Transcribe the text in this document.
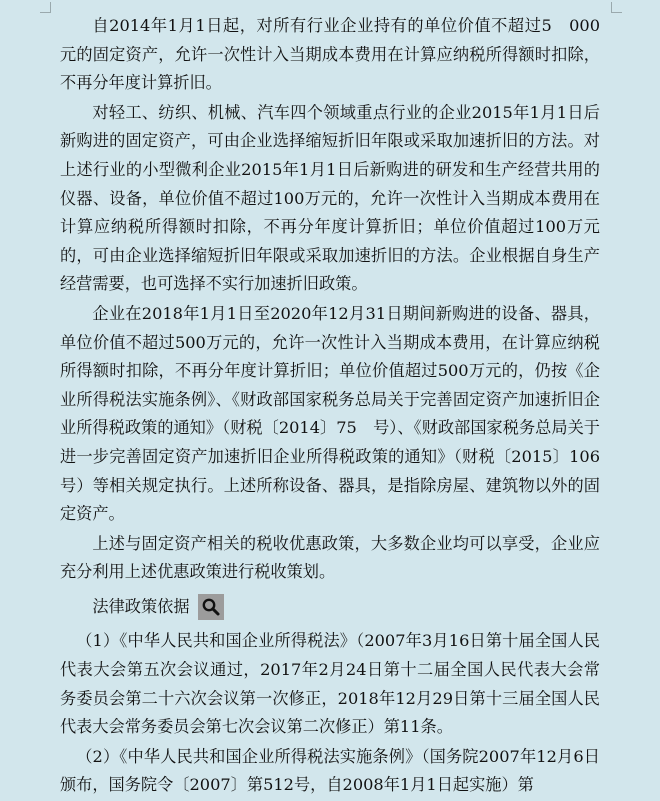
自2014年1月1日起，对所有行业企业持有的单位价值不超过5　000元的固定资产，允许一次性计入当期成本费用在计算应纳税所得额时扣除，不再分年度计算折旧。

对轻工、纺织、机械、汽车四个领域重点行业的企业2015年1月1日后新购进的固定资产，可由企业选择缩短折旧年限或采取加速折旧的方法。对上述行业的小型微利企业2015年1月1日后新购进的研发和生产经营共用的仪器、设备，单位价值不超过100万元的，允许一次性计入当期成本费用在计算应纳税所得额时扣除，不再分年度计算折旧；单位价值超过100万元的，可由企业选择缩短折旧年限或采取加速折旧的方法。企业根据自身生产经营需要，也可选择不实行加速折旧政策。

企业在2018年1月1日至2020年12月31日期间新购进的设备、器具，单位价值不超过500万元的，允许一次性计入当期成本费用，在计算应纳税所得额时扣除，不再分年度计算折旧；单位价值超过500万元的，仍按《企业所得税法实施条例》、《财政部国家税务总局关于完善固定资产加速折旧企业所得税政策的通知》（财税〔2014〕75　号）、《财政部国家税务总局关于进一步完善固定资产加速折旧企业所得税政策的通知》（财税〔2015〕106号）等相关规定执行。上述所称设备、器具，是指除房屋、建筑物以外的固定资产。

上述与固定资产相关的税收优惠政策，大多数企业均可以享受，企业应充分利用上述优惠政策进行税收策划。

法律政策依据

（1）《中华人民共和国企业所得税法》（2007年3月16日第十届全国人民代表大会第五次会议通过，2017年2月24日第十二届全国人民代表大会常务委员会第二十六次会议第一次修正，2018年12月29日第十三届全国人民代表大会常务委员会第七次会议第二次修正）第11条。

（2）《中华人民共和国企业所得税法实施条例》（国务院2007年12月6日颁布，国务院令〔2007〕第512号，自2008年1月1日起实施）第
